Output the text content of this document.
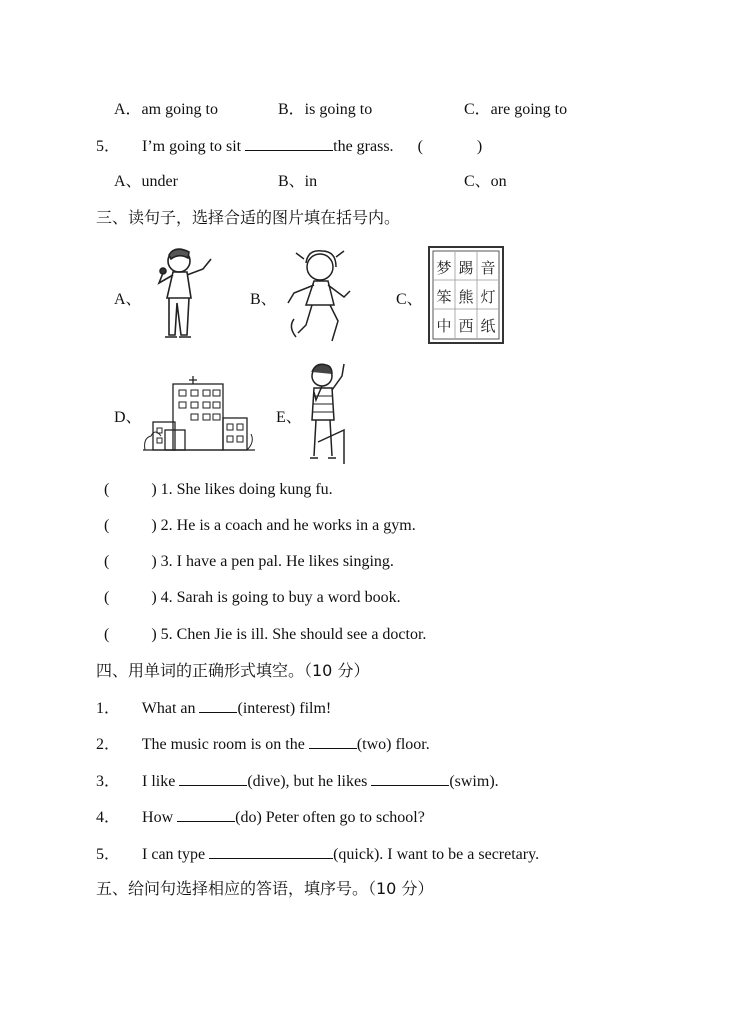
A．am going to	B．is going to	C．are going to
5． I’m going to sit	the grass. (	)
A、under	B、in	C、on
三、读句子，选择合适的图片填在括号内。
A、	B、	C、
梦 踢 音
笨 熊 灯
中 西 纸
D、	E、
(	) 1. She likes doing kung fu.
(	) 2. He is a coach and he works in a gym.
(	) 3. I have a pen pal. He likes singing.
(	) 4. Sarah is going to buy a word book.
(	) 5. Chen Jie is ill. She should see a doctor.
四、用单词的正确形式填空。（10 分）
1． What an	(interest) film!
2． The music room is on the	(two) floor.
3． I like	(dive), but he likes	(swim).
4． How	(do) Peter often go to school?
5． I can type	(quick). I want to be a secretary.
五、给问句选择相应的答语，填序号。（10 分）
